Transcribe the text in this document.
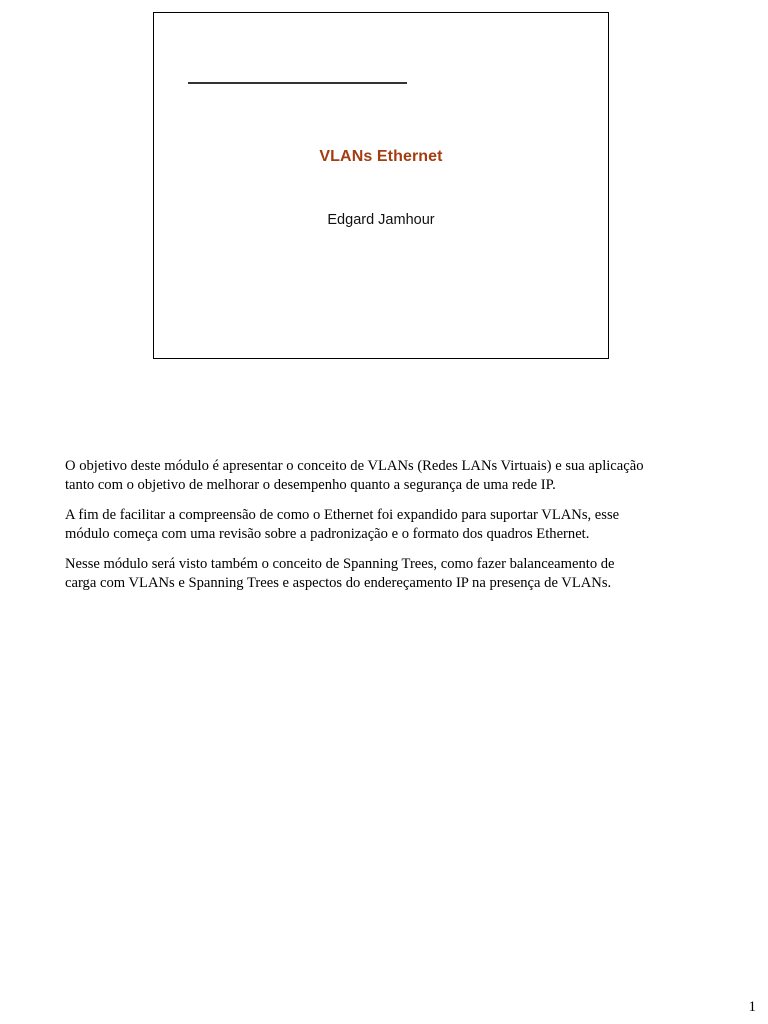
VLANs Ethernet
Edgard Jamhour

O objetivo deste módulo é apresentar o conceito de VLANs (Redes LANs Virtuais) e sua aplicação
tanto com o objetivo de melhorar o desempenho quanto a segurança de uma rede IP.

A fim de facilitar a compreensão de como o Ethernet foi expandido para suportar VLANs, esse
módulo começa com uma revisão sobre a padronização e o formato dos quadros Ethernet.

Nesse módulo será visto também o conceito de Spanning Trees, como fazer balanceamento de
carga com VLANs e Spanning Trees e aspectos do endereçamento IP na presença de VLANs.

1
